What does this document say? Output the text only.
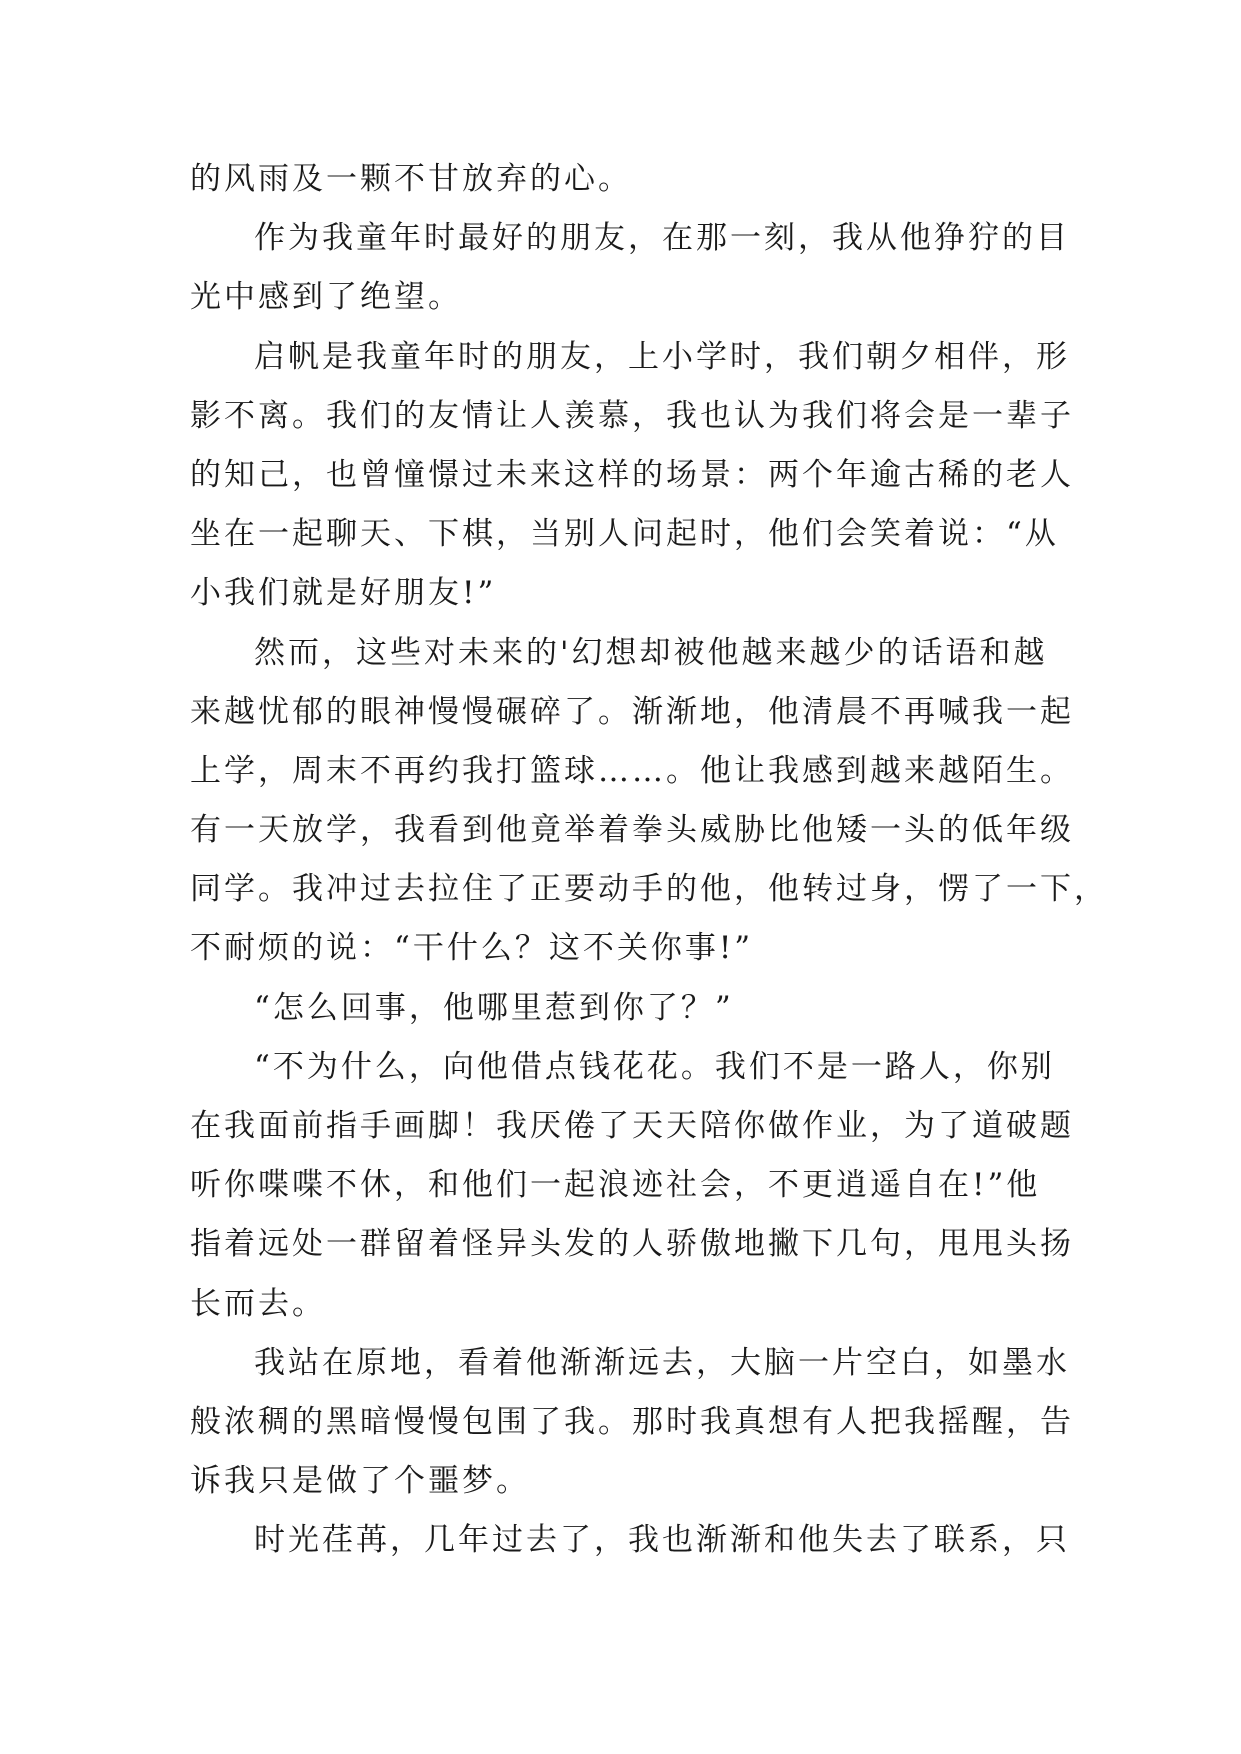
的风雨及一颗不甘放弃的心。
作为我童年时最好的朋友，在那一刻，我从他狰狞的目
光中感到了绝望。
启帆是我童年时的朋友，上小学时，我们朝夕相伴，形
影不离。我们的友情让人羡慕，我也认为我们将会是一辈子
的知己，也曾憧憬过未来这样的场景：两个年逾古稀的老人
坐在一起聊天、下棋，当别人问起时，他们会笑着说：“从
小我们就是好朋友!”
然而，这些对未来的'幻想却被他越来越少的话语和越
来越忧郁的眼神慢慢碾碎了。渐渐地，他清晨不再喊我一起
上学，周末不再约我打篮球……。他让我感到越来越陌生。
有一天放学，我看到他竟举着拳头威胁比他矮一头的低年级
同学。我冲过去拉住了正要动手的他，他转过身，愣了一下，
不耐烦的说：“干什么？这不关你事!”
“怎么回事，他哪里惹到你了？”
“不为什么，向他借点钱花花。我们不是一路人，你别
在我面前指手画脚！我厌倦了天天陪你做作业，为了道破题
听你喋喋不休，和他们一起浪迹社会，不更逍遥自在!”他
指着远处一群留着怪异头发的人骄傲地撇下几句，甩甩头扬
长而去。
我站在原地，看着他渐渐远去，大脑一片空白，如墨水
般浓稠的黑暗慢慢包围了我。那时我真想有人把我摇醒，告
诉我只是做了个噩梦。
时光荏苒，几年过去了，我也渐渐和他失去了联系，只
